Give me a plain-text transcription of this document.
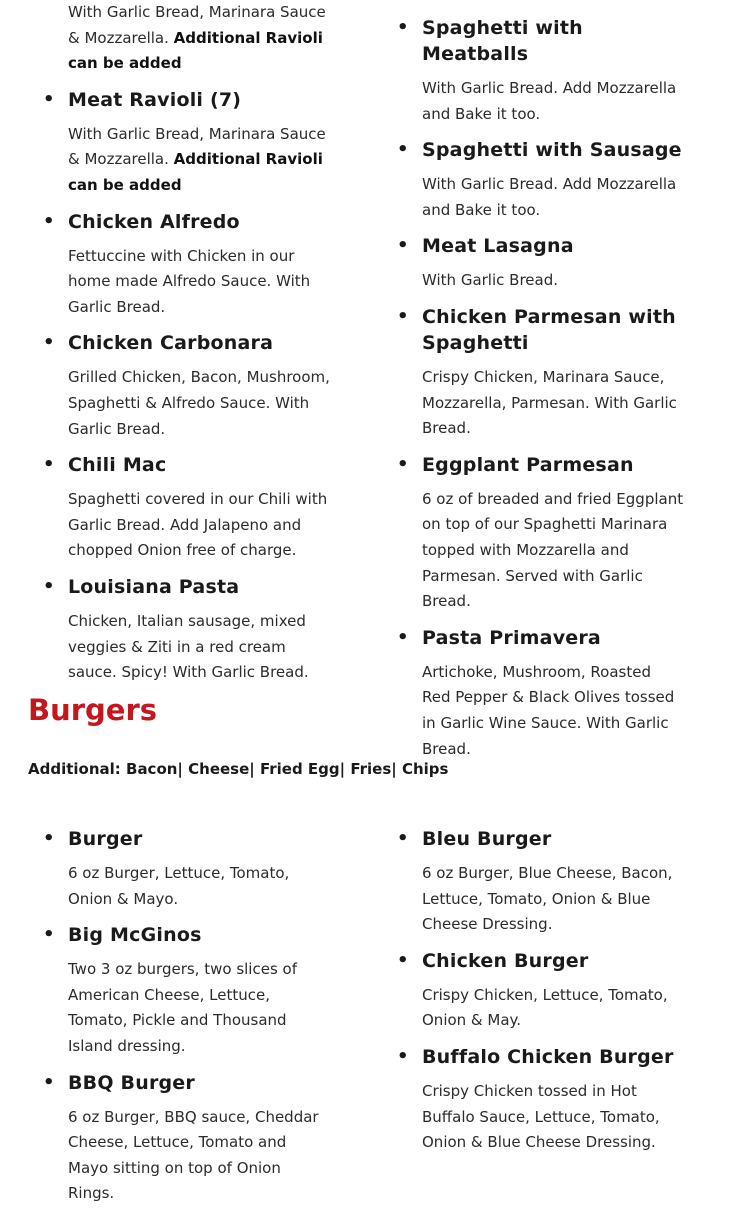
With Garlic Bread, Marinara Sauce & Mozzarella. Additional Ravioli can be added
• Meat Ravioli (7)
With Garlic Bread, Marinara Sauce & Mozzarella. Additional Ravioli can be added
• Chicken Alfredo
Fettuccine with Chicken in our home made Alfredo Sauce. With Garlic Bread.
• Chicken Carbonara
Grilled Chicken, Bacon, Mushroom, Spaghetti & Alfredo Sauce. With Garlic Bread.
• Chili Mac
Spaghetti covered in our Chili with Garlic Bread. Add Jalapeno and chopped Onion free of charge.
• Louisiana Pasta
Chicken, Italian sausage, mixed veggies & Ziti in a red cream sauce. Spicy! With Garlic Bread.
• Spaghetti with Meatballs
With Garlic Bread. Add Mozzarella and Bake it too.
• Spaghetti with Sausage
With Garlic Bread. Add Mozzarella and Bake it too.
• Meat Lasagna
With Garlic Bread.
• Chicken Parmesan with Spaghetti
Crispy Chicken, Marinara Sauce, Mozzarella, Parmesan. With Garlic Bread.
• Eggplant Parmesan
6 oz of breaded and fried Eggplant on top of our Spaghetti Marinara topped with Mozzarella and Parmesan. Served with Garlic Bread.
• Pasta Primavera
Artichoke, Mushroom, Roasted Red Pepper & Black Olives tossed in Garlic Wine Sauce. With Garlic Bread.
Burgers
Additional: Bacon| Cheese| Fried Egg| Fries| Chips
• Burger
6 oz Burger, Lettuce, Tomato, Onion & Mayo.
• Big McGinos
Two 3 oz burgers, two slices of American Cheese, Lettuce, Tomato, Pickle and Thousand Island dressing.
• BBQ Burger
6 oz Burger, BBQ sauce, Cheddar Cheese, Lettuce, Tomato and Mayo sitting on top of Onion Rings.
• Bleu Burger
6 oz Burger, Blue Cheese, Bacon, Lettuce, Tomato, Onion & Blue Cheese Dressing.
• Chicken Burger
Crispy Chicken, Lettuce, Tomato, Onion & May.
• Buffalo Chicken Burger
Crispy Chicken tossed in Hot Buffalo Sauce, Lettuce, Tomato, Onion & Blue Cheese Dressing.
